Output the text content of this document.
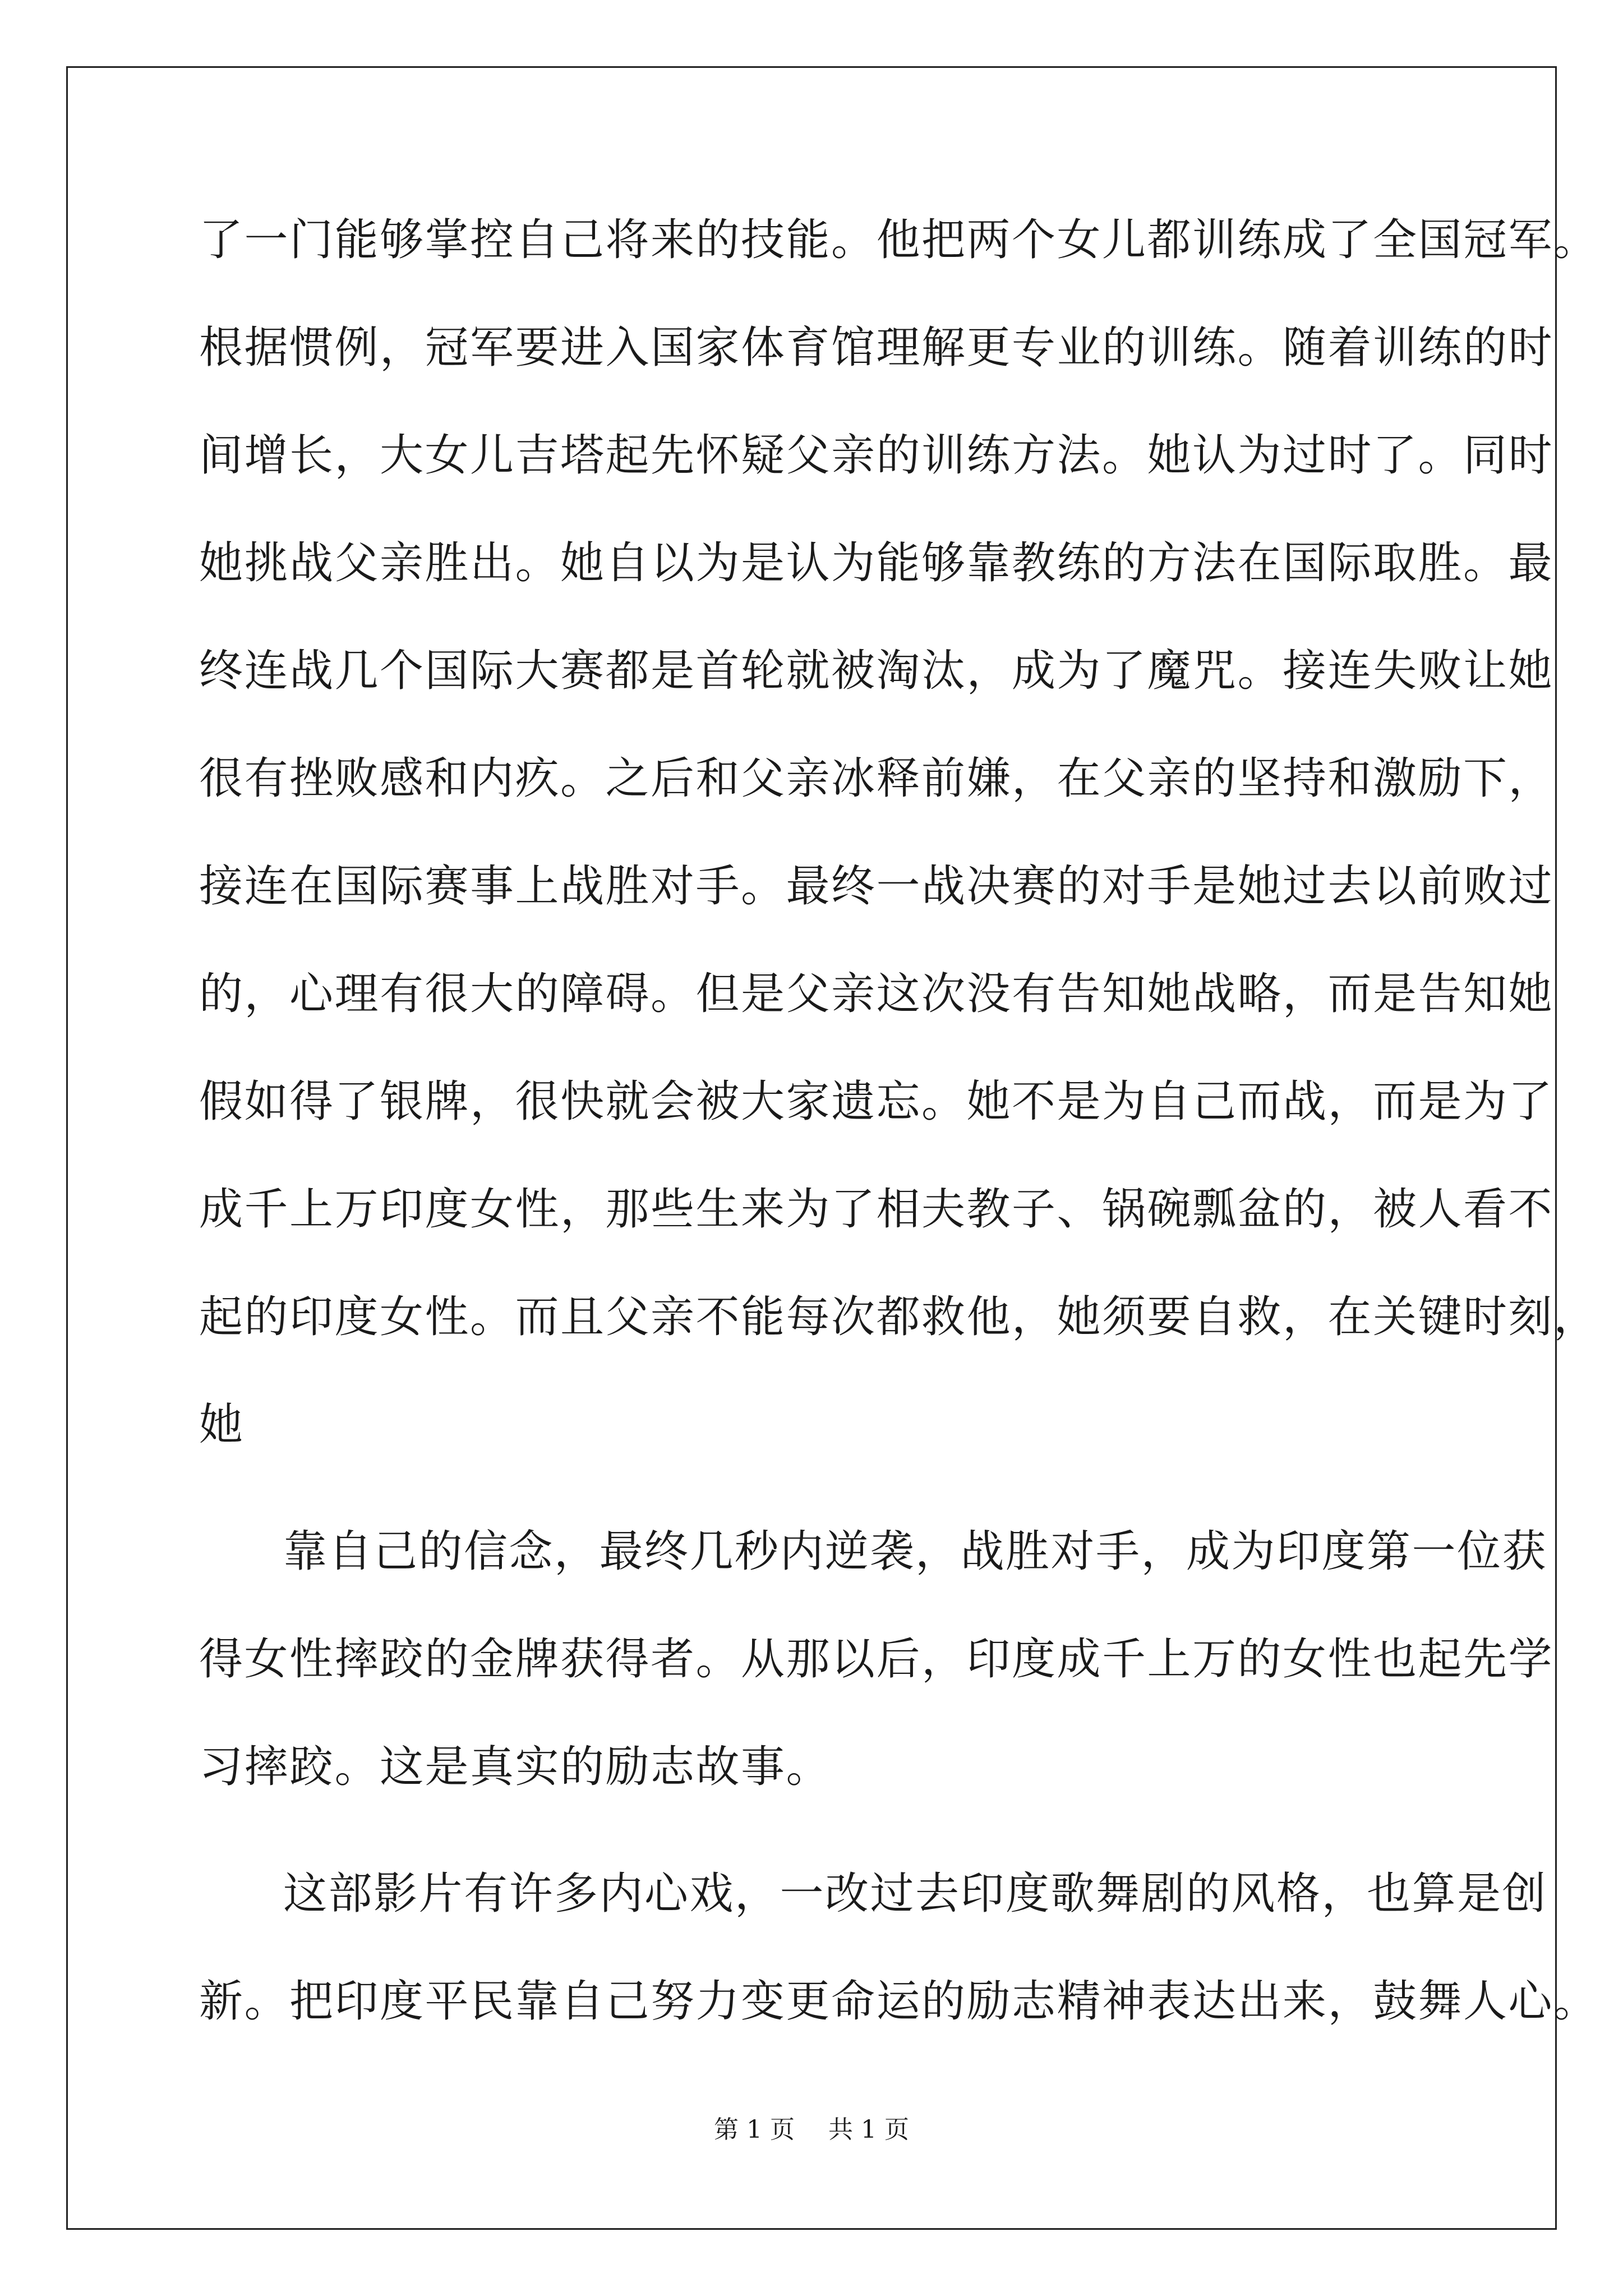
了一门能够掌控自己将来的技能。他把两个女儿都训练成了全国冠军。
根据惯例，冠军要进入国家体育馆理解更专业的训练。随着训练的时
间增长，大女儿吉塔起先怀疑父亲的训练方法。她认为过时了。同时
她挑战父亲胜出。她自以为是认为能够靠教练的方法在国际取胜。最
终连战几个国际大赛都是首轮就被淘汰，成为了魔咒。接连失败让她
很有挫败感和内疚。之后和父亲冰释前嫌，在父亲的坚持和激励下，
接连在国际赛事上战胜对手。最终一战决赛的对手是她过去以前败过
的，心理有很大的障碍。但是父亲这次没有告知她战略，而是告知她
假如得了银牌，很快就会被大家遗忘。她不是为自己而战，而是为了
成千上万印度女性，那些生来为了相夫教子、锅碗瓢盆的，被人看不
起的印度女性。而且父亲不能每次都救他，她须要自救，在关键时刻，
她
靠自己的信念，最终几秒内逆袭，战胜对手，成为印度第一位获
得女性摔跤的金牌获得者。从那以后，印度成千上万的女性也起先学
习摔跤。这是真实的励志故事。
这部影片有许多内心戏，一改过去印度歌舞剧的风格，也算是创
新。把印度平民靠自己努力变更命运的励志精神表达出来，鼓舞人心。
第 1 页 共 1 页
